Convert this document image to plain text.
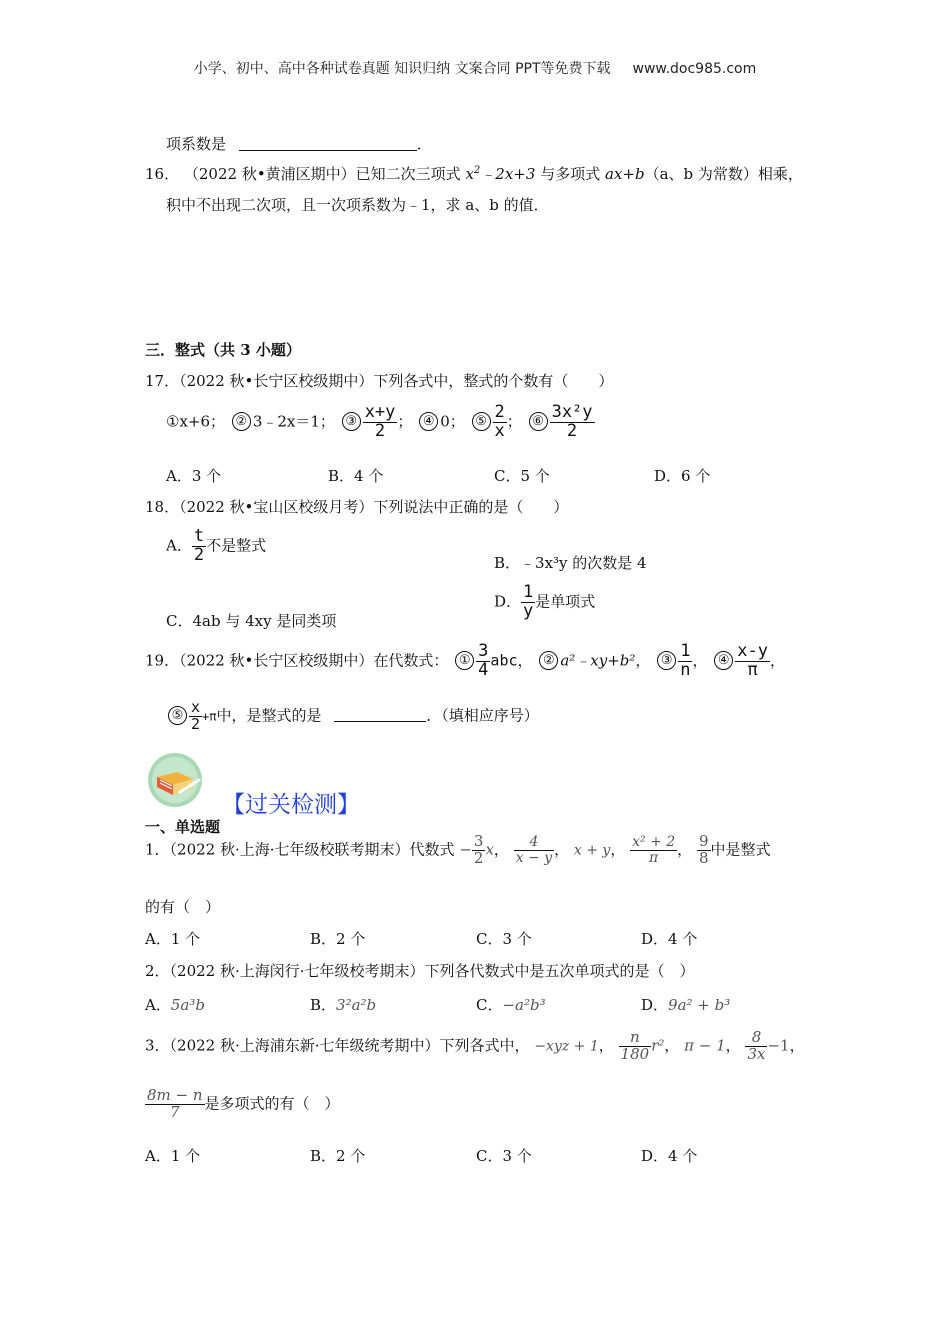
小学、初中、高中各种试卷真题 知识归纳 文案合同 PPT等免费下载 www.doc985.com
项系数是	．
16． （2022 秋•黄浦区期中）已知二次三项式 $x^2﹣2x+3$ 与多项式 ax+b（a、b 为常数）相乘，
积中不出现二次项，且一次项系数为﹣1，求 a、b 的值．
三．整式（共 3 小题）
17．（2022 秋•长宁区校级期中）下列各式中，整式的个数有（　　）
①x+6； ② 3﹣2x＝1； ③ $\frac{x+y}{2}$ ； ④ 0； ⑤ $\frac{2}{x}$ ； ⑥ $\frac{\text{3x²y}}{2}$
A．3 个	B．4 个	C．5 个	D．6 个
18．（2022 秋•宝山区校级月考）下列说法中正确的是（　　）
A． $\frac{t}{2}$ 不是整式
B．﹣3x³y 的次数是 4
C．4ab 与 4xy 是同类项
D． $\frac{1}{y}$ 是单项式
19．（2022 秋•长宁区校级期中）在代数式： ① $\frac{3}{4}$ abc， ② a²﹣xy+b²， ③ $\frac{1}{n}$ ， ④ $\frac{x-y}{\pi}$ ，
⑤ $\frac{x}{2} +\pi$中，是整式的是	．（填相应序号）
【过关检测】
一、单选题
1．（2022 秋·上海·七年级校联考期末）代数式 − $\frac{3}{2}$ x， $\frac{4}{x - y}$ ， x + y， $\frac{\text{x² + 2}}{\pi}$ ， $\frac{9}{8}$ 中是整式
的有（　）
A．1 个	B．2 个	C．3 个	D．4 个
2．（2022 秋·上海闵行·七年级校考期末）下列各代数式中是五次单项式的是（　）
A．5a³b	B．3²a²b	C．−a²b³	D．9a² + b³
3．（2022 秋·上海浦东新·七年级统考期中）下列各式中， −xyz + 1， $\frac{n}{180} r^2$， π − 1， $\frac{8}{3x} -1$，
$\frac{8m - n}{7}$ 是多项式的有（　）
A．1 个	B．2 个	C．3 个	D．4 个
